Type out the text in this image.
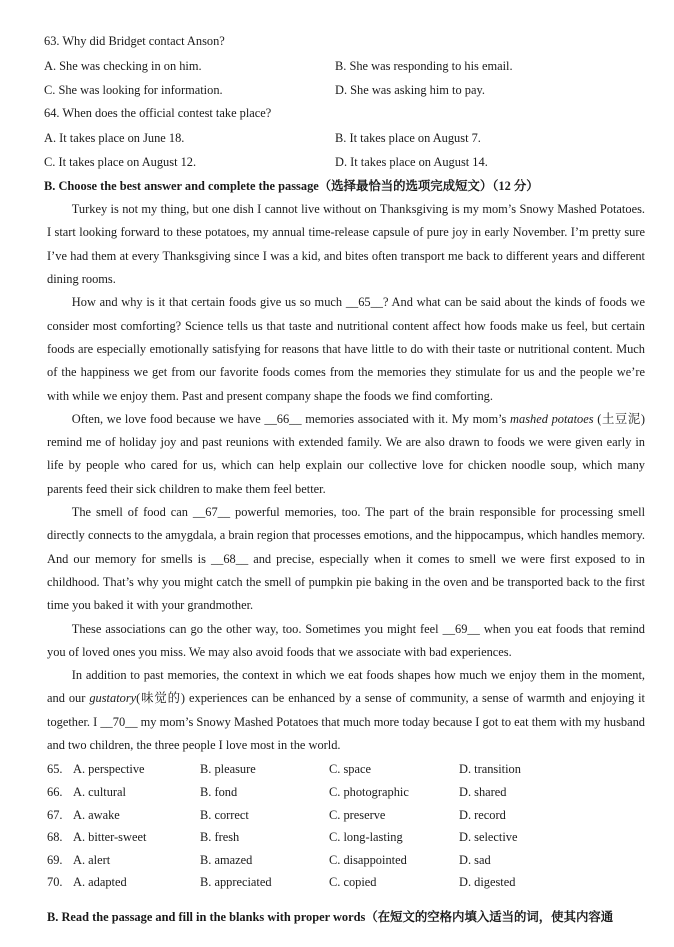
63. Why did Bridget contact Anson?
A. She was checking in on him.	B. She was responding to his email.
C. She was looking for information.	D. She was asking him to pay.
64. When does the official contest take place?
A. It takes place on June 18.	B. It takes place on August 7.
C. It takes place on August 12.	D. It takes place on August 14.
B. Choose the best answer and complete the passage（选择最恰当的选项完成短文）（12 分）
Turkey is not my thing, but one dish I cannot live without on Thanksgiving is my mom’s Snowy Mashed Potatoes. I start looking forward to these potatoes, my annual time-release capsule of pure joy in early November. I’m pretty sure I’ve had them at every Thanksgiving since I was a kid, and bites often transport me back to different years and different dining rooms.
How and why is it that certain foods give us so much __65__? And what can be said about the kinds of foods we consider most comforting? Science tells us that taste and nutritional content affect how foods make us feel, but certain foods are especially emotionally satisfying for reasons that have little to do with their taste or nutritional content. Much of the happiness we get from our favorite foods comes from the memories they stimulate for us and the people we’re with while we enjoy them. Past and present company shape the foods we find comforting.
Often, we love food because we have __66__ memories associated with it. My mom’s mashed potatoes (土豆泥) remind me of holiday joy and past reunions with extended family. We are also drawn to foods we were given early in life by people who cared for us, which can help explain our collective love for chicken noodle soup, which many parents feed their sick children to make them feel better.
The smell of food can __67__ powerful memories, too. The part of the brain responsible for processing smell directly connects to the amygdala, a brain region that processes emotions, and the hippocampus, which handles memory. And our memory for smells is __68__ and precise, especially when it comes to smell we were first exposed to in childhood. That’s why you might catch the smell of pumpkin pie baking in the oven and be transported back to the first time you baked it with your grandmother.
These associations can go the other way, too. Sometimes you might feel __69__ when you eat foods that remind you of loved ones you miss. We may also avoid foods that we associate with bad experiences.
In addition to past memories, the context in which we eat foods shapes how much we enjoy them in the moment, and our gustatory(味觉的) experiences can be enhanced by a sense of community, a sense of warmth and enjoying it together. I __70__ my mom’s Snowy Mashed Potatoes that much more today because I got to eat them with my husband and two children, the three people I love most in the world.
65. A. perspective	B. pleasure	C. space	D. transition
66. A. cultural	B. fond	C. photographic	D. shared
67. A. awake	B. correct	C. preserve	D. record
68. A. bitter-sweet	B. fresh	C. long-lasting	D. selective
69. A. alert	B. amazed	C. disappointed	D. sad
70. A. adapted	B. appreciated	C. copied	D. digested
B. Read the passage and fill in the blanks with proper words（在短文的空格内填入适当的词，使其内容通
